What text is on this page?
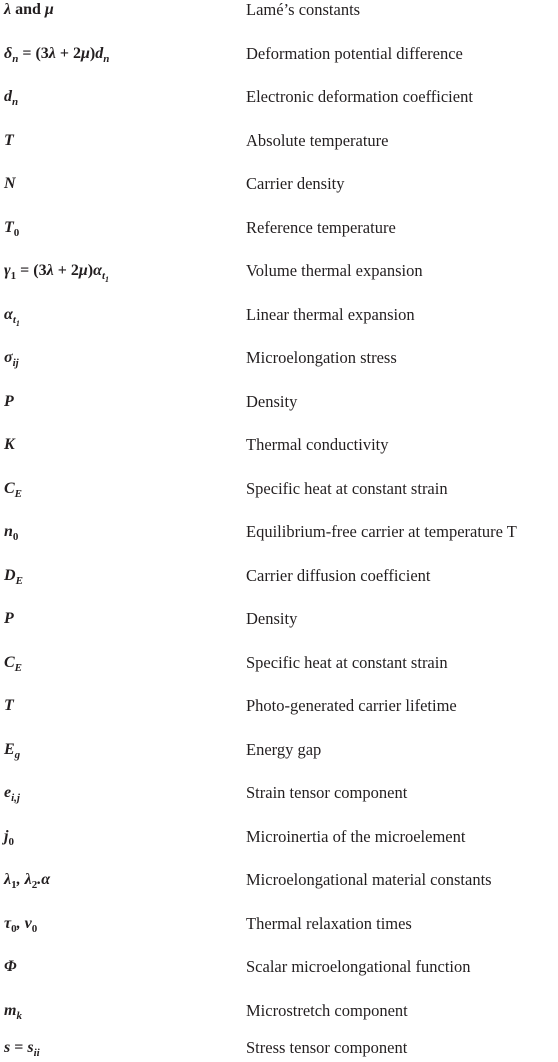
λ and μ	Lamé’s constants
$\delta_n = (3\lambda + 2\mu)d_n$	Deformation potential difference
$d_n$	Electronic deformation coefficient
T	Absolute temperature
N	Carrier density
$T_0$	Reference temperature
$\gamma_1 = (3\lambda + 2\mu)\alpha_{t_1}$	Volume thermal expansion
$\alpha_{t_1}$	Linear thermal expansion
$\sigma_{ij}$	Microelongation stress
P	Density
K	Thermal conductivity
$C_E$	Specific heat at constant strain
$n_0$	Equilibrium-free carrier at temperature T
$D_E$	Carrier diffusion coefficient
P	Density
$C_E$	Specific heat at constant strain
T	Photo-generated carrier lifetime
$E_g$	Energy gap
$e_{i,j}$	Strain tensor component
$j_0$	Microinertia of the microelement
$\lambda_1$, $\lambda_2.\alpha$	Microelongational material constants
$\tau_0$, $\nu_0$	Thermal relaxation times
Φ	Scalar microelongational function
$m_k$	Microstretch component
$s = s_{ii}$	Stress tensor component
